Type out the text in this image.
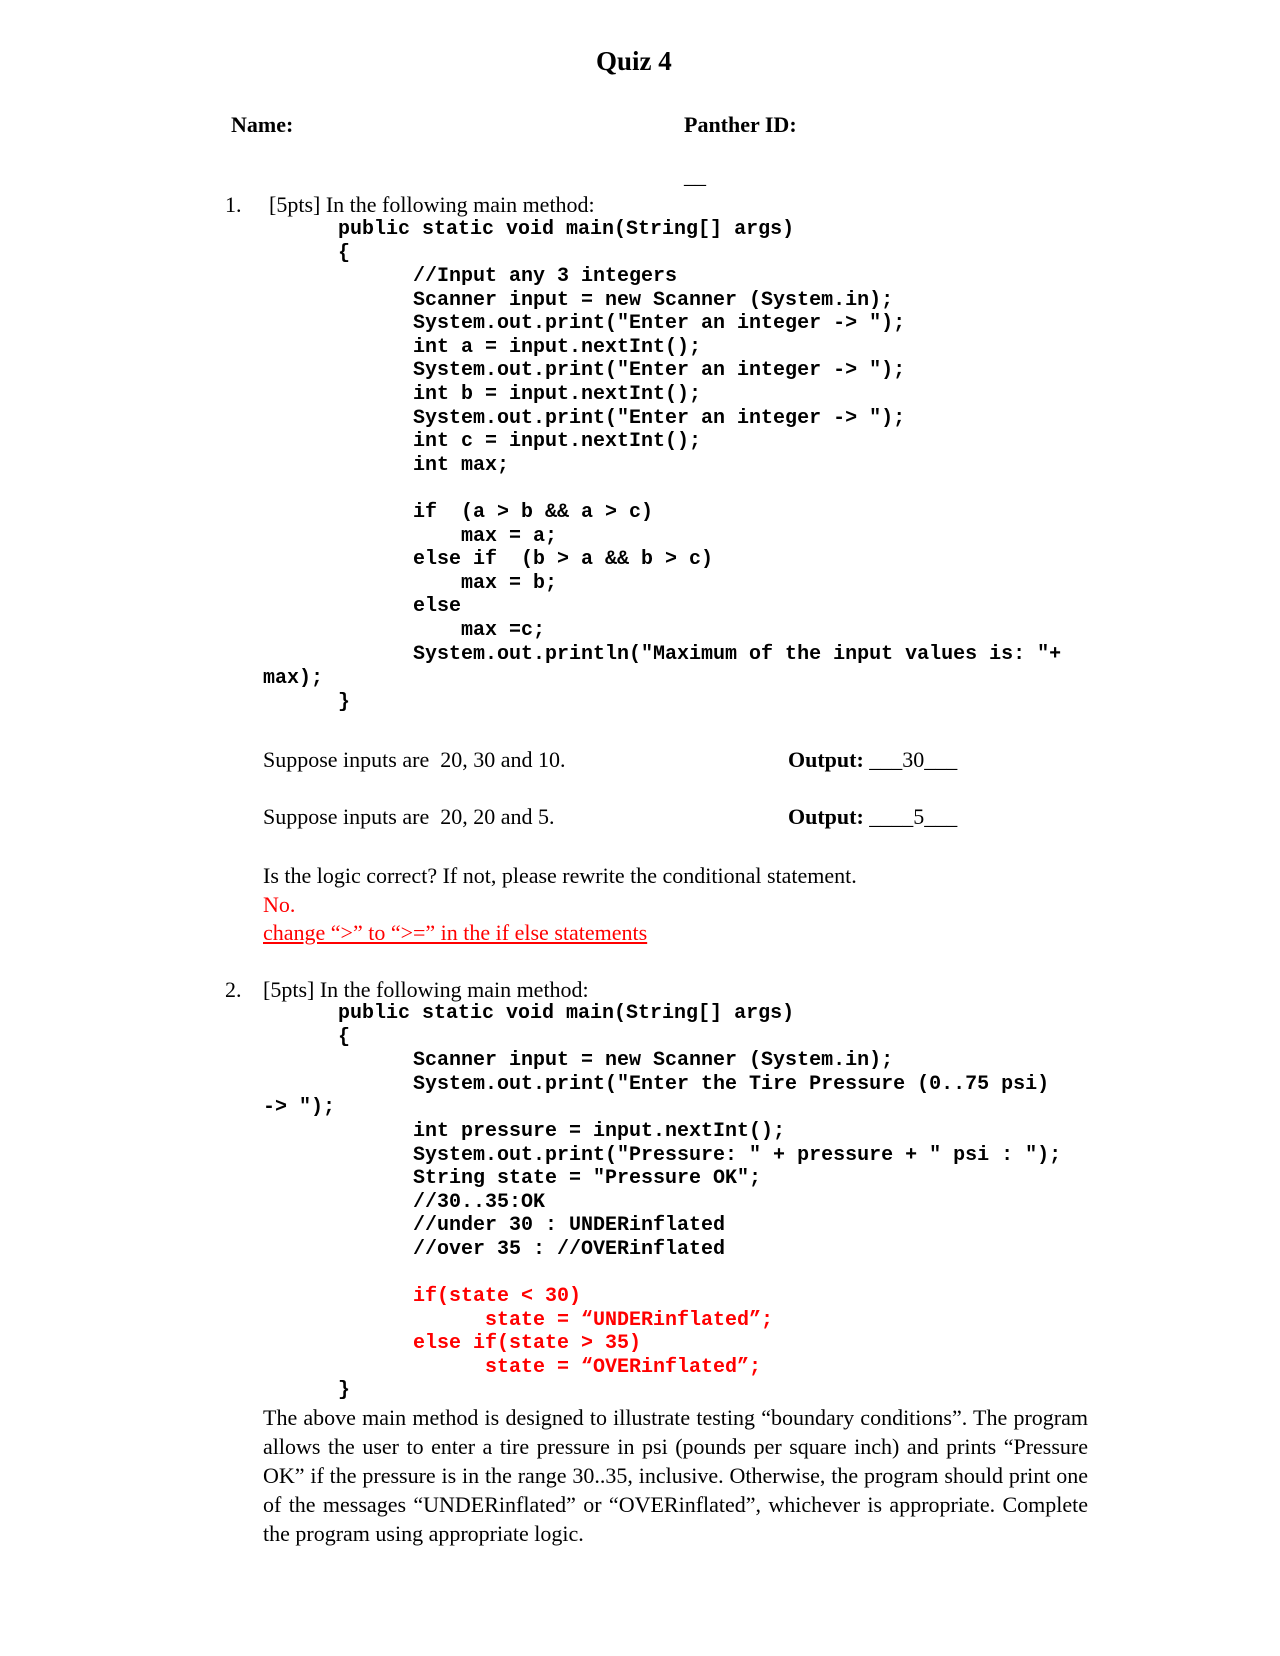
Quiz 4
Name:	Panther ID:
__
1. [5pts] In the following main method:
public static void main(String[] args)
{
//Input any 3 integers
Scanner input = new Scanner (System.in);
System.out.print("Enter an integer -> ");
int a = input.nextInt();
System.out.print("Enter an integer -> ");
int b = input.nextInt();
System.out.print("Enter an integer -> ");
int c = input.nextInt();
int max;

if  (a > b && a > c)
max = a;
else if  (b > a && b > c)
max = b;
else
max =c;
System.out.println("Maximum of the input values is: "+
max);
}
Suppose inputs are  20, 30 and 10.	Output: ___30___
Suppose inputs are  20, 20 and 5.	Output: ____5___
Is the logic correct? If not, please rewrite the conditional statement.
No.
change “>” to “>=” in the if else statements
2. [5pts] In the following main method:
public static void main(String[] args)
{
Scanner input = new Scanner (System.in);
System.out.print("Enter the Tire Pressure (0..75 psi)
-> ");
int pressure = input.nextInt();
System.out.print("Pressure: " + pressure + " psi : ");
String state = "Pressure OK";
//30..35:OK
//under 30 : UNDERinflated
//over 35 : //OVERinflated
if(state < 30)
state = “UNDERinflated”;
else if(state > 35)
state = “OVERinflated”;
}

The above main method is designed to illustrate testing “boundary conditions”. The program allows the user to enter a tire pressure in psi (pounds per square inch) and prints “Pressure OK” if the pressure is in the range 30..35, inclusive. Otherwise, the program should print one of the messages “UNDERinflated” or “OVERinflated”, whichever is appropriate. Complete the program using appropriate logic.
